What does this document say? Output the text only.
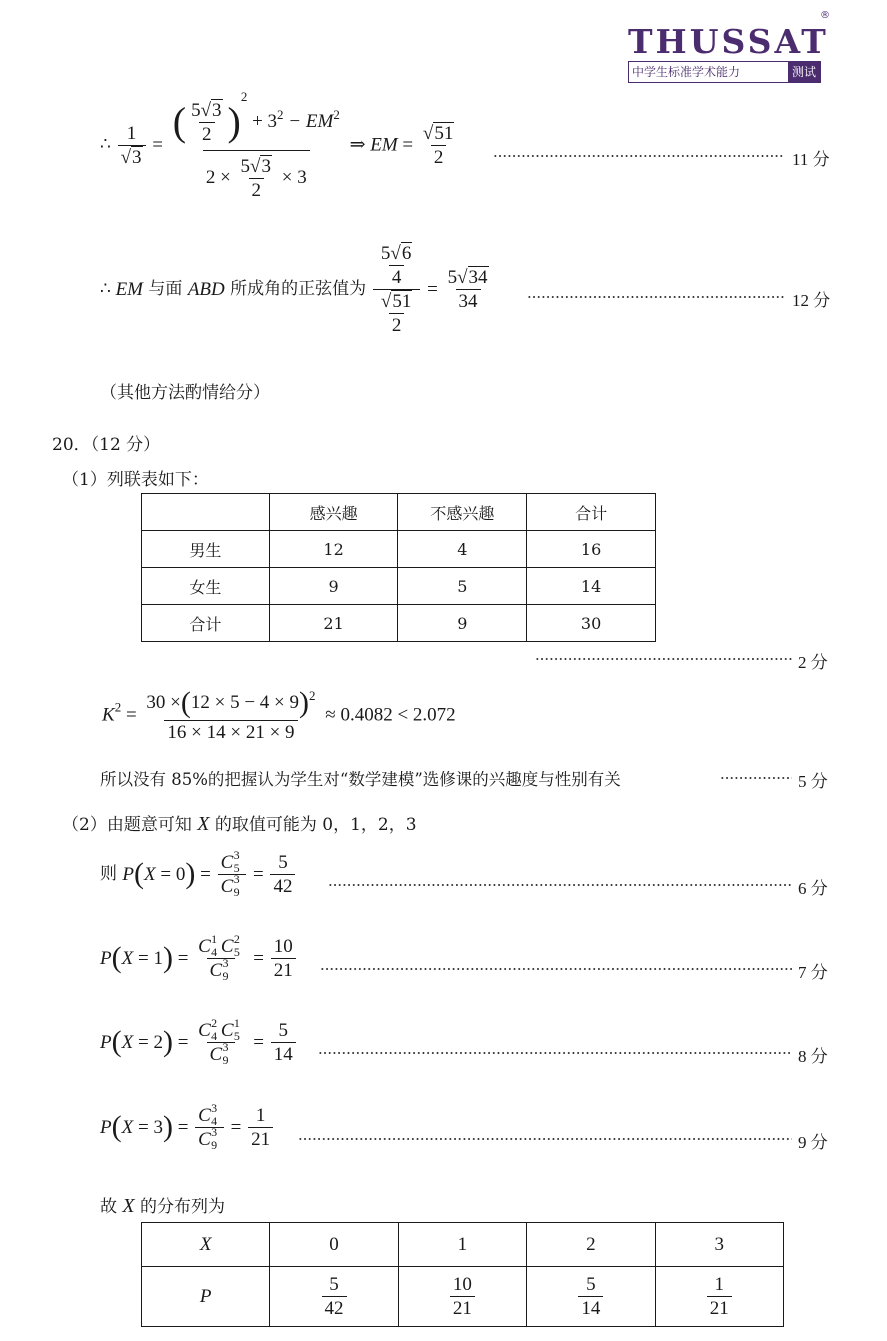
THUSSAT
中学生标准学术能力	测试
®
∴ $\frac{1}{√3} = \frac{( \frac{5√3}{2} )^2 + 3^2 - EM^2}{2 \times \frac{5√3}{2} \times 3}$ ⇒ EM = $\frac{√51}{2}$	11 分
∴ EM 与面 ABD 所成角的正弦值为 $\frac{\frac{5√6}{4}}{\frac{√51}{2}} = \frac{5√34}{34}$	12 分
（其他方法酌情给分）
20．（12 分）
（1）列联表如下：
	感兴趣	不感兴趣	合计
男生	12	4	16
女生	9	5	14
合计	21	9	30
2 分
$K^2 = \frac{30 \times(12 \times 5 - 4 \times 9)^2}{16 \times 14 \times 21 \times 9} \approx 0.4082 < 2.072$
所以没有 85%的把握认为学生对“数学建模”选修课的兴趣度与性别有关	5 分
（2）由题意可知 X 的取值可能为 0，1，2，3
则 P(X = 0) = C 3
5
C 3
$9 = \frac{5}{42}$	6 分
P(X = 1) = C 1
4 C 2
5
C 3
$9 = \frac{10}{21}$	7 分
P(X = 2) = C 2
4 C 1
5
C 3
$9 = \frac{5}{14}$	8 分
P(X = 3) = C 3
4
C 3
$9 = \frac{1}{21}$	9 分
故 X 的分布列为
X	0	1	2	3
P	$\frac{5}{42}$	$\frac{10}{21}$	$\frac{5}{14}$	$\frac{1}{21}$
